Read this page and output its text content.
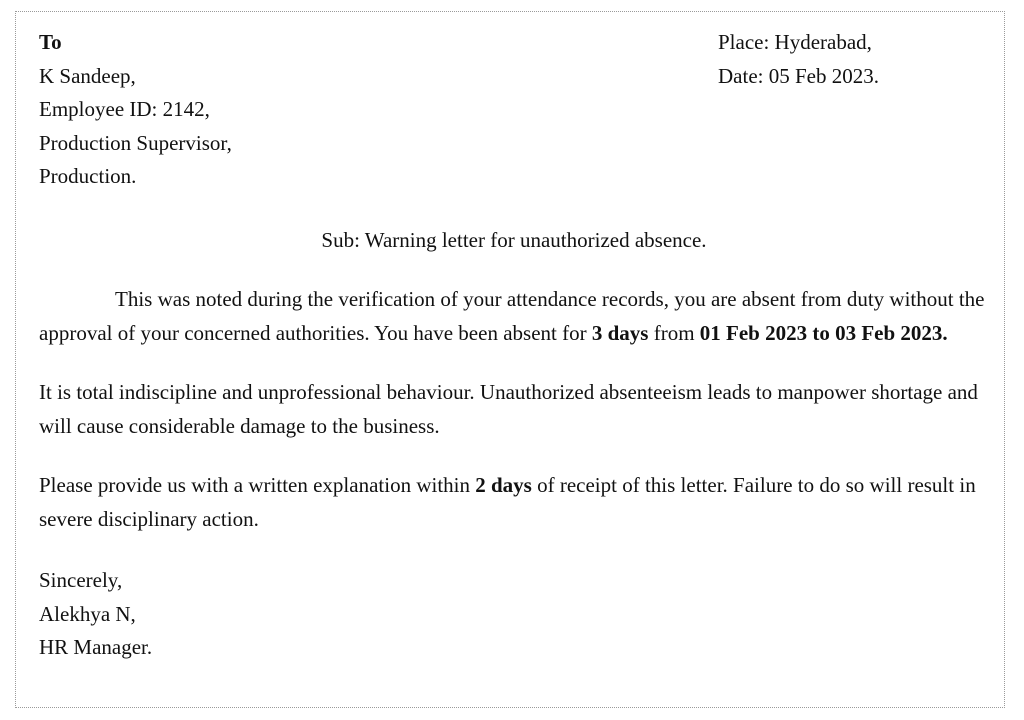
To
K Sandeep,
Employee ID: 2142,
Production Supervisor,
Production.
Place: Hyderabad,
Date: 05 Feb 2023.
Sub: Warning letter for unauthorized absence.
This was noted during the verification of your attendance records, you are absent from duty without the approval of your concerned authorities. You have been absent for 3 days from 01 Feb 2023 to 03 Feb 2023.
It is total indiscipline and unprofessional behaviour. Unauthorized absenteeism leads to manpower shortage and will cause considerable damage to the business.
Please provide us with a written explanation within 2 days of receipt of this letter. Failure to do so will result in severe disciplinary action.
Sincerely,
Alekhya N,
HR Manager.
